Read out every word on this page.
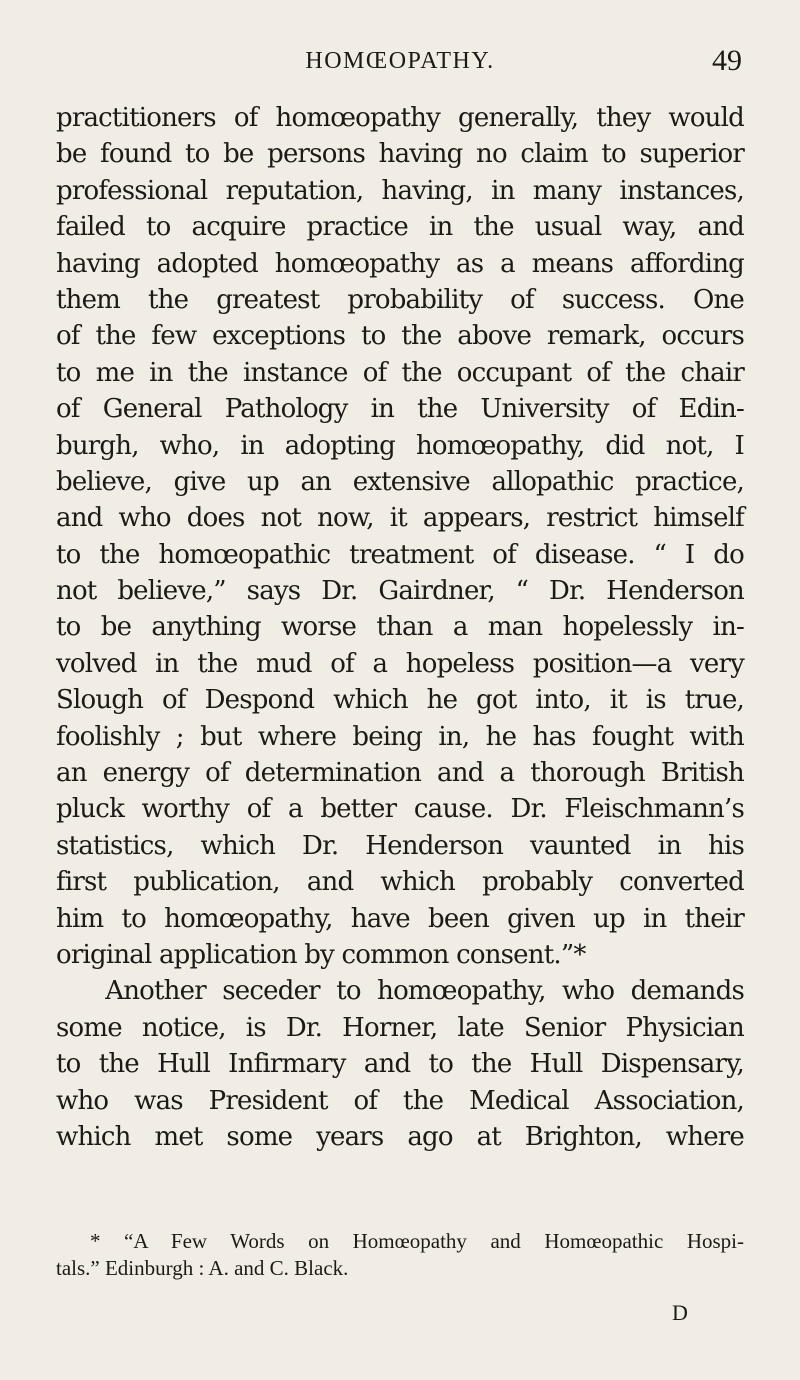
HOMŒOPATHY.	49
practitioners of homœopathy generally, they would
be found to be persons having no claim to superior
professional reputation, having, in many instances,
failed to acquire practice in the usual way, and
having adopted homœopathy as a means affording
them the greatest probability of success. One
of the few exceptions to the above remark, occurs
to me in the instance of the occupant of the chair
of General Pathology in the University of Edin-
burgh, who, in adopting homœopathy, did not, I
believe, give up an extensive allopathic practice,
and who does not now, it appears, restrict himself
to the homœopathic treatment of disease. “ I do
not believe,” says Dr. Gairdner, “ Dr. Henderson
to be anything worse than a man hopelessly in-
volved in the mud of a hopeless position—a very
Slough of Despond which he got into, it is true,
foolishly ; but where being in, he has fought with
an energy of determination and a thorough British
pluck worthy of a better cause. Dr. Fleischmann’s
statistics, which Dr. Henderson vaunted in his
first publication, and which probably converted
him to homœopathy, have been given up in their
original application by common consent.”*
Another seceder to homœopathy, who demands
some notice, is Dr. Horner, late Senior Physician
to the Hull Infirmary and to the Hull Dispensary,
who was President of the Medical Association,
which met some years ago at Brighton, where
* “A Few Words on Homœopathy and Homœopathic Hospi-
tals.” Edinburgh : A. and C. Black.
D
